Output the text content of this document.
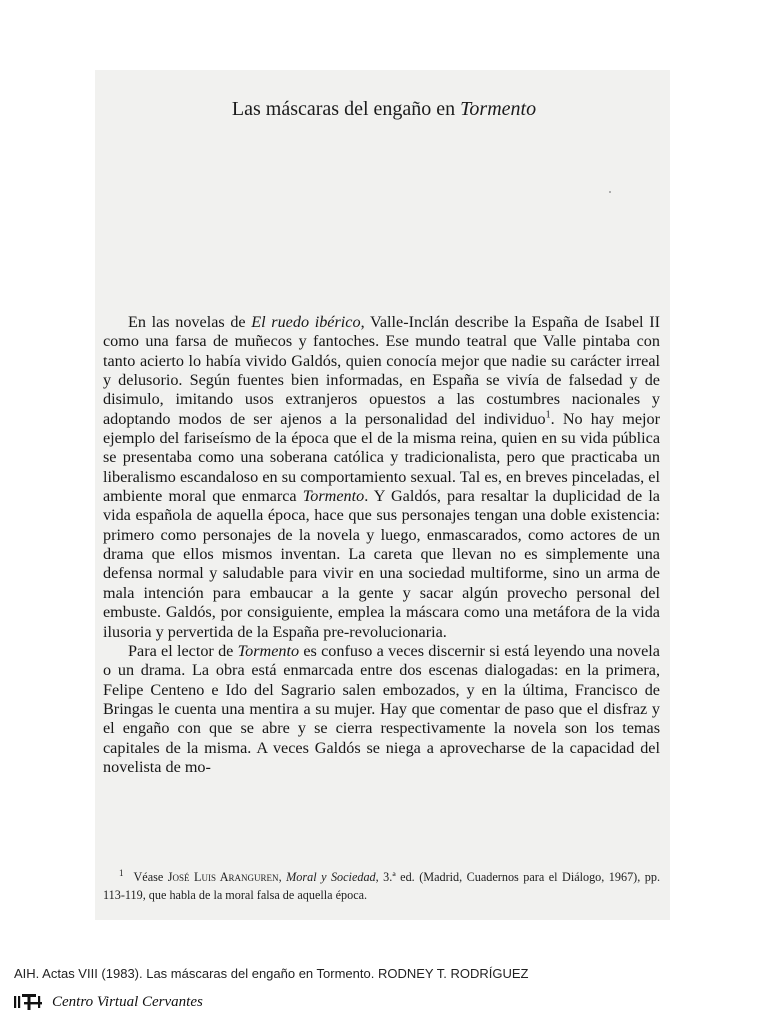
Las máscaras del engaño en Tormento

En las novelas de El ruedo ibérico, Valle-Inclán describe la España de Isabel II como una farsa de muñecos y fantoches. Ese mundo teatral que Valle pintaba con tanto acierto lo había vivido Galdós, quien conocía mejor que nadie su carácter irreal y delusorio. Según fuentes bien informadas, en España se vivía de falsedad y de disimulo, imitando usos extranjeros opuestos a las costumbres nacionales y adoptando modos de ser ajenos a la personalidad del individuo$^1$. No hay mejor ejemplo del fariseísmo de la época que el de la misma reina, quien en su vida pública se presentaba como una soberana católica y tradicionalista, pero que practicaba un liberalismo escandaloso en su comportamiento sexual. Tal es, en breves pinceladas, el ambiente moral que enmarca Tormento. Y Galdós, para resaltar la duplicidad de la vida española de aquella época, hace que sus personajes tengan una doble existencia: primero como personajes de la novela y luego, enmascarados, como actores de un drama que ellos mismos inventan. La careta que llevan no es simplemente una defensa normal y saludable para vivir en una sociedad multiforme, sino un arma de mala intención para embaucar a la gente y sacar algún provecho personal del embuste. Galdós, por consiguiente, emplea la máscara como una metáfora de la vida ilusoria y pervertida de la España pre-revolucionaria.

Para el lector de Tormento es confuso a veces discernir si está leyendo una novela o un drama. La obra está enmarcada entre dos escenas dialogadas: en la primera, Felipe Centeno e Ido del Sagrario salen embozados, y en la última, Francisco de Bringas le cuenta una mentira a su mujer. Hay que comentar de paso que el disfraz y el engaño con que se abre y se cierra respectivamente la novela son los temas capitales de la misma. A veces Galdós se niega a aprovecharse de la capacidad del novelista de mo-

$^1$ Véase José Luis Aranguren, Moral y Sociedad, 3.ª ed. (Madrid, Cuadernos para el Diálogo, 1967), pp. 113-119, que habla de la moral falsa de aquella época.
AIH. Actas VIII (1983). Las máscaras del engaño en Tormento. RODNEY T. RODRÍGUEZ
Centro Virtual Cervantes
